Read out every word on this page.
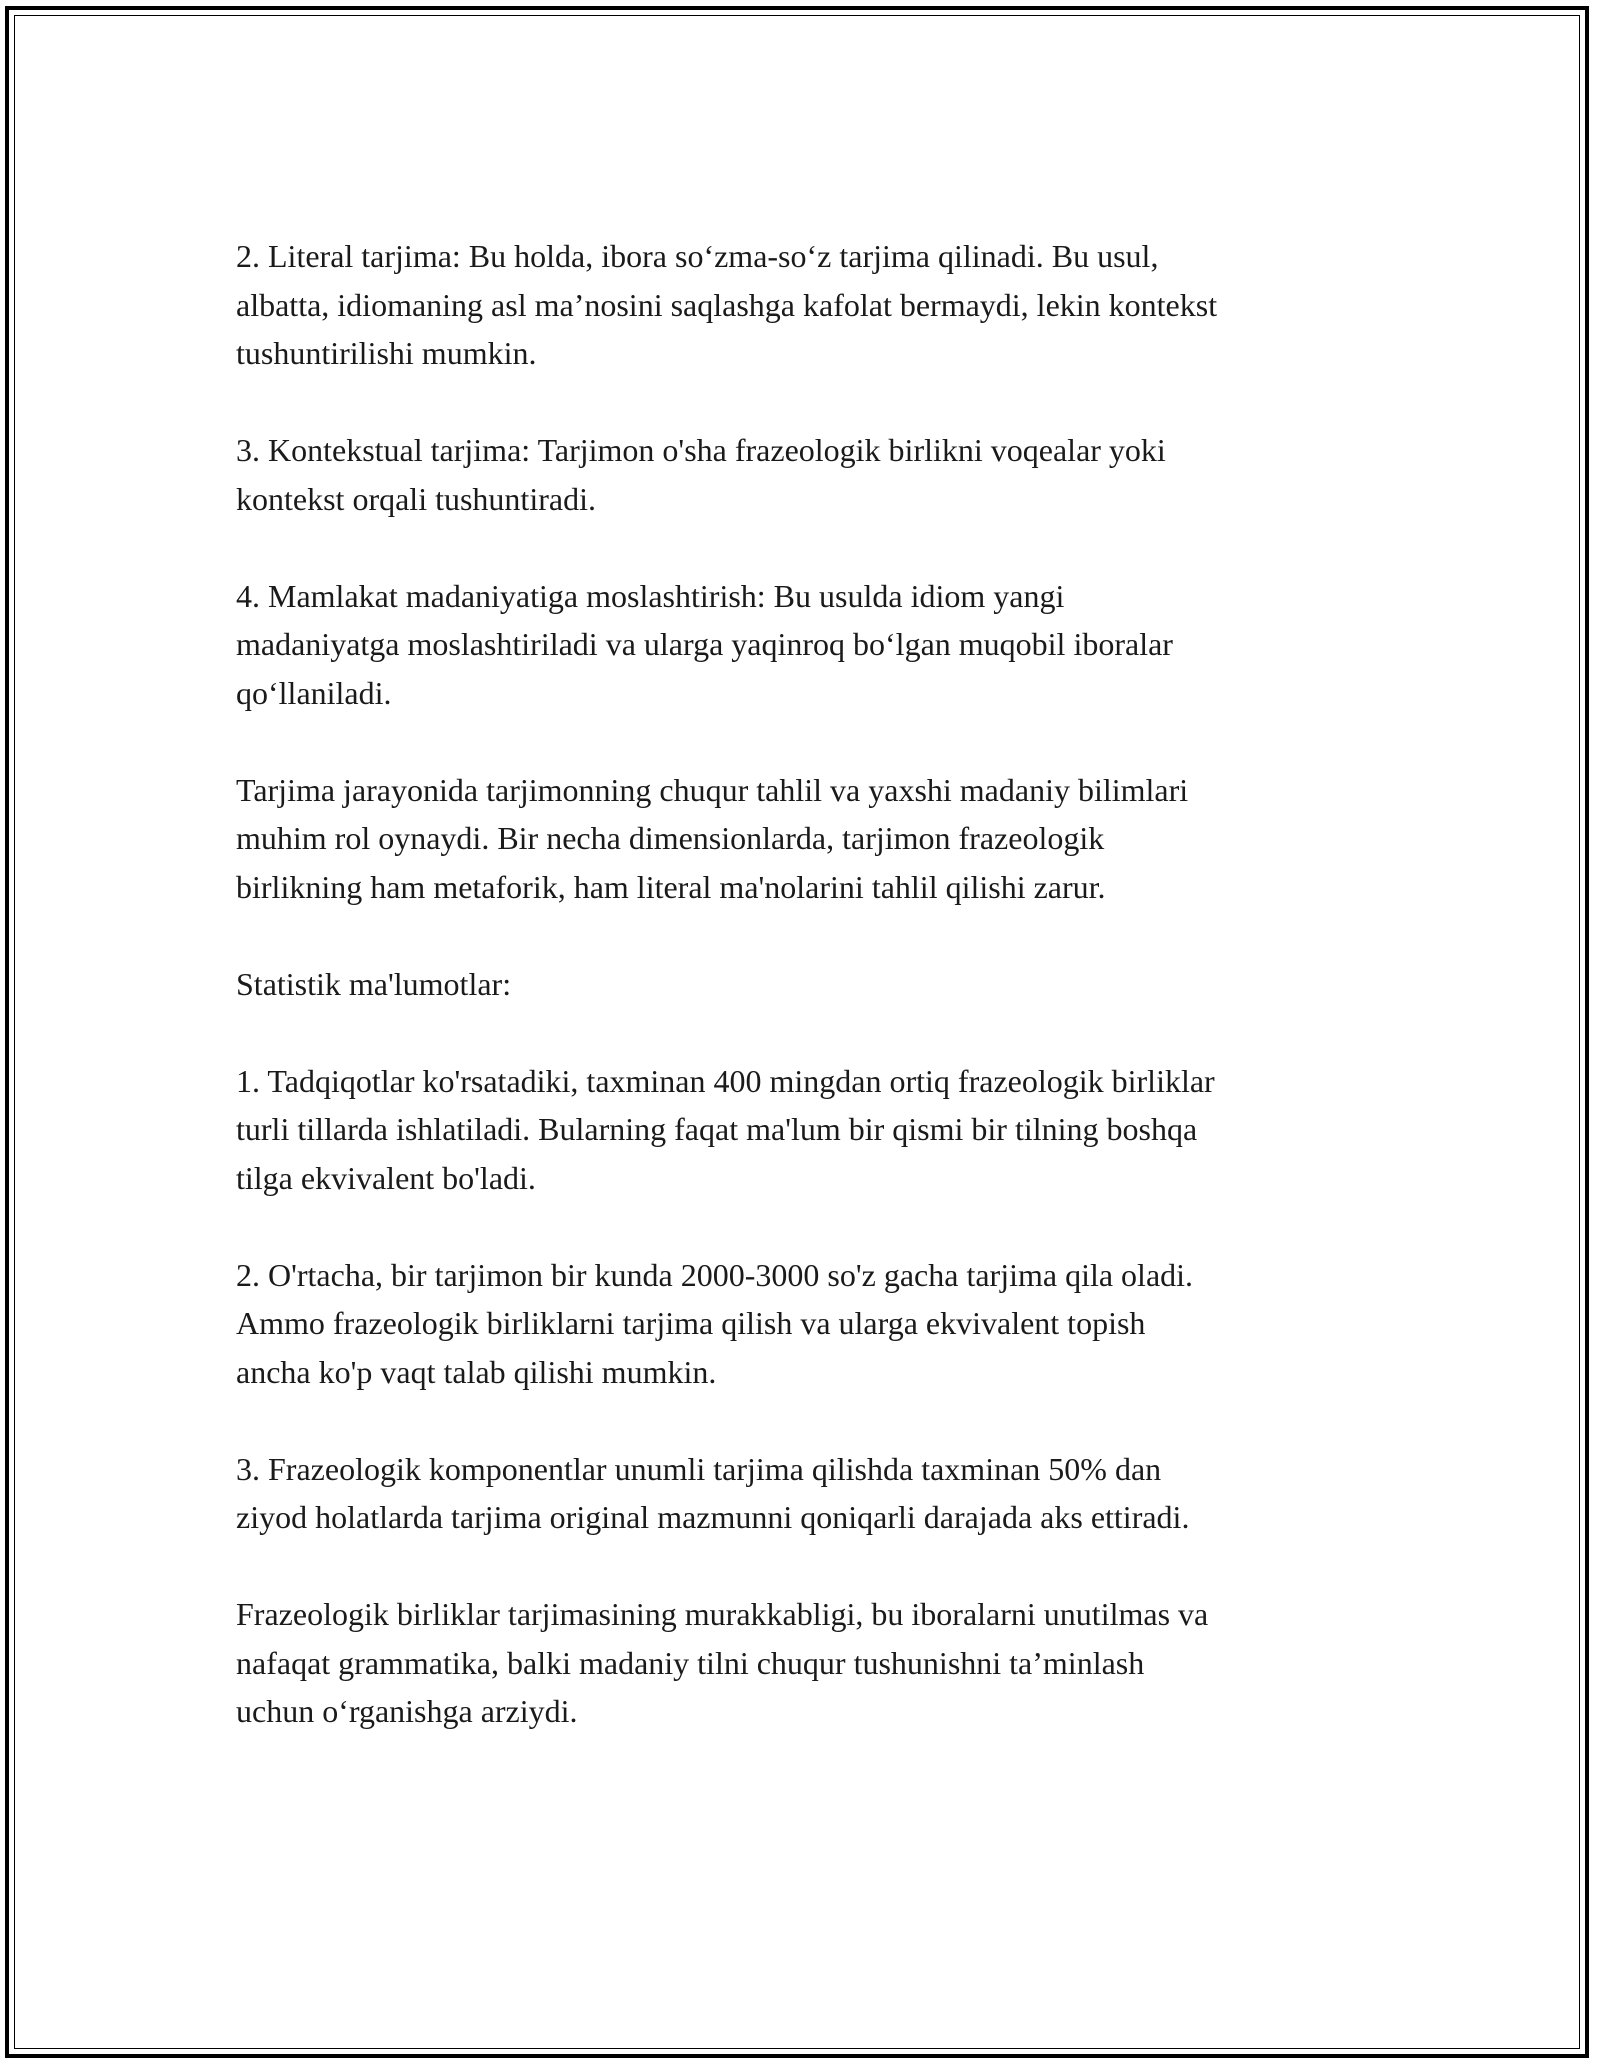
2. Literal tarjima: Bu holda, ibora so‘zma-so‘z tarjima qilinadi. Bu usul,
albatta, idiomaning asl ma’nosini saqlashga kafolat bermaydi, lekin kontekst
tushuntirilishi mumkin.

3. Kontekstual tarjima: Tarjimon o'sha frazeologik birlikni voqealar yoki
kontekst orqali tushuntiradi.

4. Mamlakat madaniyatiga moslashtirish: Bu usulda idiom yangi
madaniyatga moslashtiriladi va ularga yaqinroq bo‘lgan muqobil iboralar
qo‘llaniladi.

Tarjima jarayonida tarjimonning chuqur tahlil va yaxshi madaniy bilimlari
muhim rol oynaydi. Bir necha dimensionlarda, tarjimon frazeologik
birlikning ham metaforik, ham literal ma'nolarini tahlil qilishi zarur.

Statistik ma'lumotlar:

1. Tadqiqotlar ko'rsatadiki, taxminan 400 mingdan ortiq frazeologik birliklar
turli tillarda ishlatiladi. Bularning faqat ma'lum bir qismi bir tilning boshqa
tilga ekvivalent bo'ladi.

2. O'rtacha, bir tarjimon bir kunda 2000-3000 so'z gacha tarjima qila oladi.
Ammo frazeologik birliklarni tarjima qilish va ularga ekvivalent topish
ancha ko'p vaqt talab qilishi mumkin.

3. Frazeologik komponentlar unumli tarjima qilishda taxminan 50% dan
ziyod holatlarda tarjima original mazmunni qoniqarli darajada aks ettiradi.

Frazeologik birliklar tarjimasining murakkabligi, bu iboralarni unutilmas va
nafaqat grammatika, balki madaniy tilni chuqur tushunishni ta’minlash
uchun o‘rganishga arziydi.
